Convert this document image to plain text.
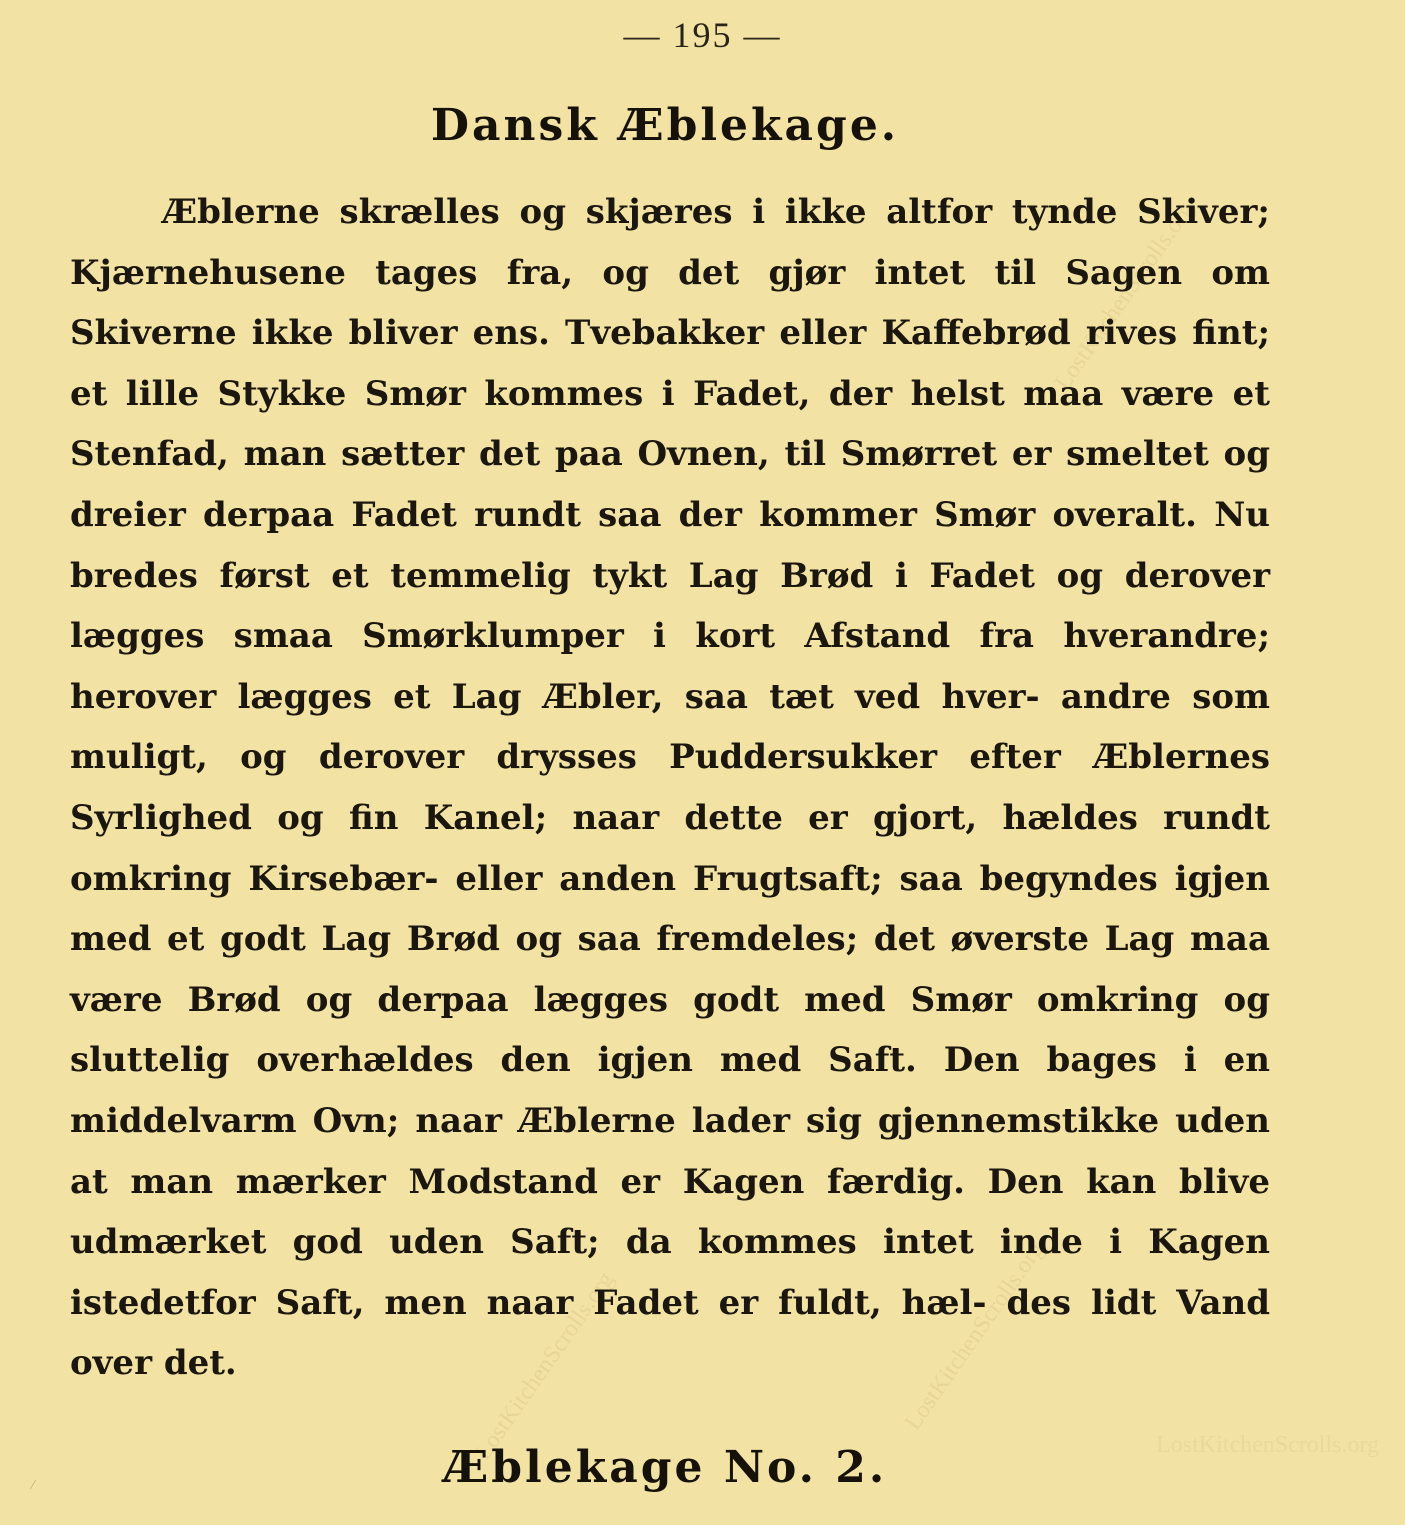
LostKitchenScrolls.org	LostKitchenScrolls.org
LostKitchenScrolls.org
LostKitchenScrolls.org
— 195 —
Dansk Æblekage.

Æblerne skrælles og skjæres i ikke altfor tynde Skiver; Kjærnehusene tages fra, og det gjør intet til Sagen om Skiverne ikke bliver ens. Tvebakker eller Kaffebrød rives fint; et lille Stykke Smør kommes i Fadet, der helst maa være et Stenfad, man sætter det paa Ovnen, til Smørret er smeltet og dreier derpaa Fadet rundt saa der kommer Smør overalt. Nu bredes først et temmelig tykt Lag Brød i Fadet og derover lægges smaa Smørklumper i kort Afstand fra hverandre; herover lægges et Lag Æbler, saa tæt ved hver- andre som muligt, og derover drysses Puddersukker efter Æblernes Syrlighed og fin Kanel; naar dette er gjort, hældes rundt omkring Kirsebær- eller anden Frugtsaft; saa begyndes igjen med et godt Lag Brød og saa fremdeles; det øverste Lag maa være Brød og derpaa lægges godt med Smør omkring og sluttelig overhældes den igjen med Saft. Den bages i en middelvarm Ovn; naar Æblerne lader sig gjennemstikke uden at man mærker Modstand er Kagen færdig. Den kan blive udmærket god uden Saft; da kommes intet inde i Kagen istedetfor Saft, men naar Fadet er fuldt, hæl- des lidt Vand over det.

Æblekage No. 2.
⁄
